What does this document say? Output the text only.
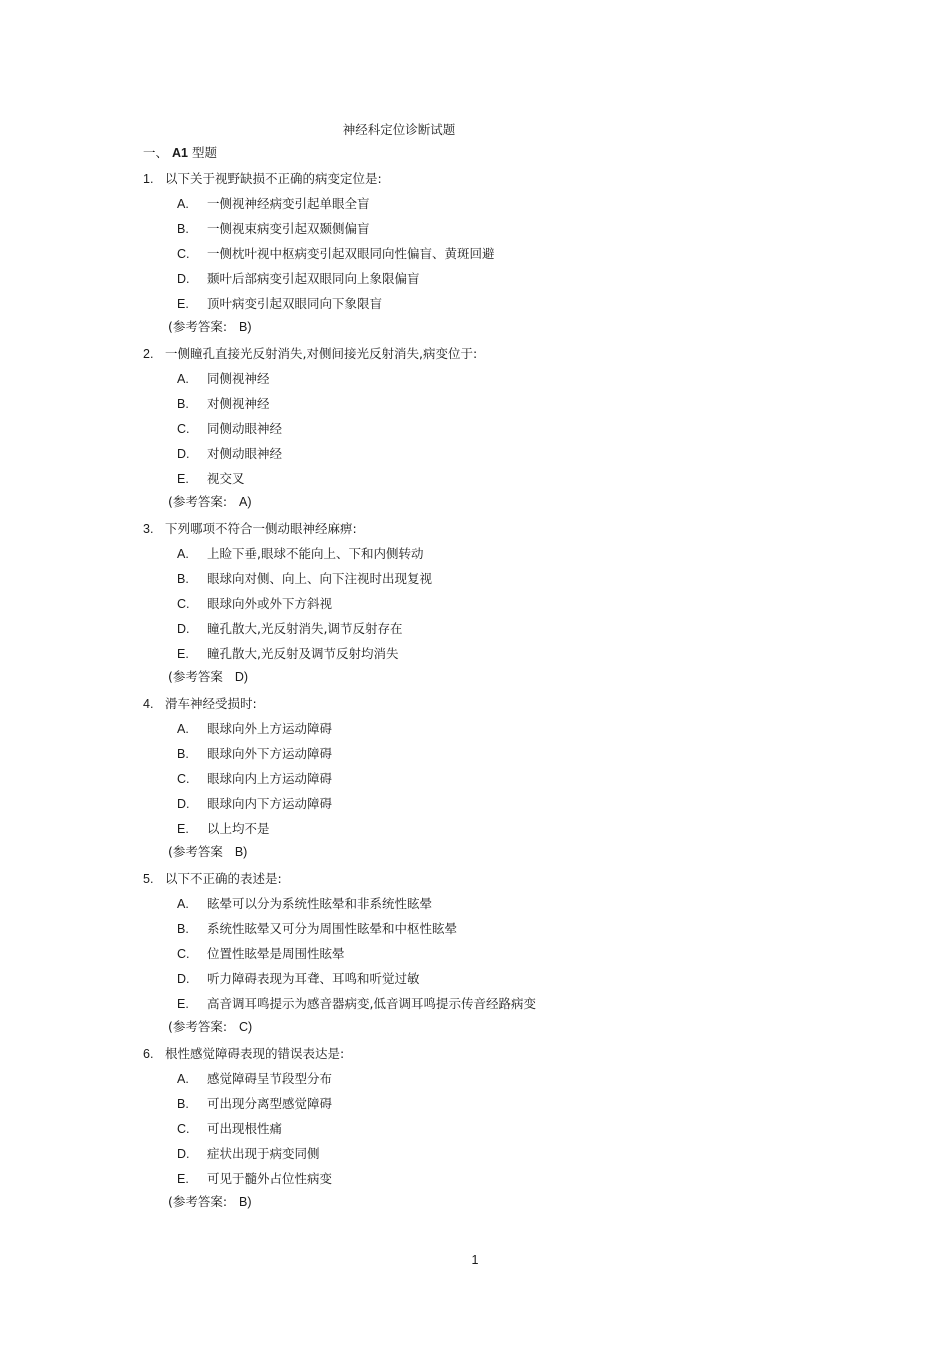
神经科定位诊断试题
一、 A1 型题
1. 以下关于视野缺损不正确的病变定位是:
A. 一侧视神经病变引起单眼全盲
B. 一侧视束病变引起双颞侧偏盲
C. 一侧枕叶视中枢病变引起双眼同向性偏盲、黄斑回避
D. 颞叶后部病变引起双眼同向上象限偏盲
E. 顶叶病变引起双眼同向下象限盲
(参考答案: B)
2. 一侧瞳孔直接光反射消失,对侧间接光反射消失,病变位于:
A. 同侧视神经
B. 对侧视神经
C. 同侧动眼神经
D. 对侧动眼神经
E. 视交叉
(参考答案: A)
3. 下列哪项不符合一侧动眼神经麻痹:
A. 上睑下垂,眼球不能向上、下和内侧转动
B. 眼球向对侧、向上、向下注视时出现复视
C. 眼球向外或外下方斜视
D. 瞳孔散大,光反射消失,调节反射存在
E. 瞳孔散大,光反射及调节反射均消失
(参考答案 D)
4. 滑车神经受损时:
A. 眼球向外上方运动障碍
B. 眼球向外下方运动障碍
C. 眼球向内上方运动障碍
D. 眼球向内下方运动障碍
E. 以上均不是
(参考答案 B)
5. 以下不正确的表述是:
A. 眩晕可以分为系统性眩晕和非系统性眩晕
B. 系统性眩晕又可分为周围性眩晕和中枢性眩晕
C. 位置性眩晕是周围性眩晕
D. 听力障碍表现为耳聋、耳鸣和听觉过敏
E. 高音调耳鸣提示为感音器病变,低音调耳鸣提示传音经路病变
(参考答案: C)
6. 根性感觉障碍表现的错误表达是:
A. 感觉障碍呈节段型分布
B. 可出现分离型感觉障碍
C. 可出现根性痛
D. 症状出现于病变同侧
E. 可见于髓外占位性病变
(参考答案: B)
1
